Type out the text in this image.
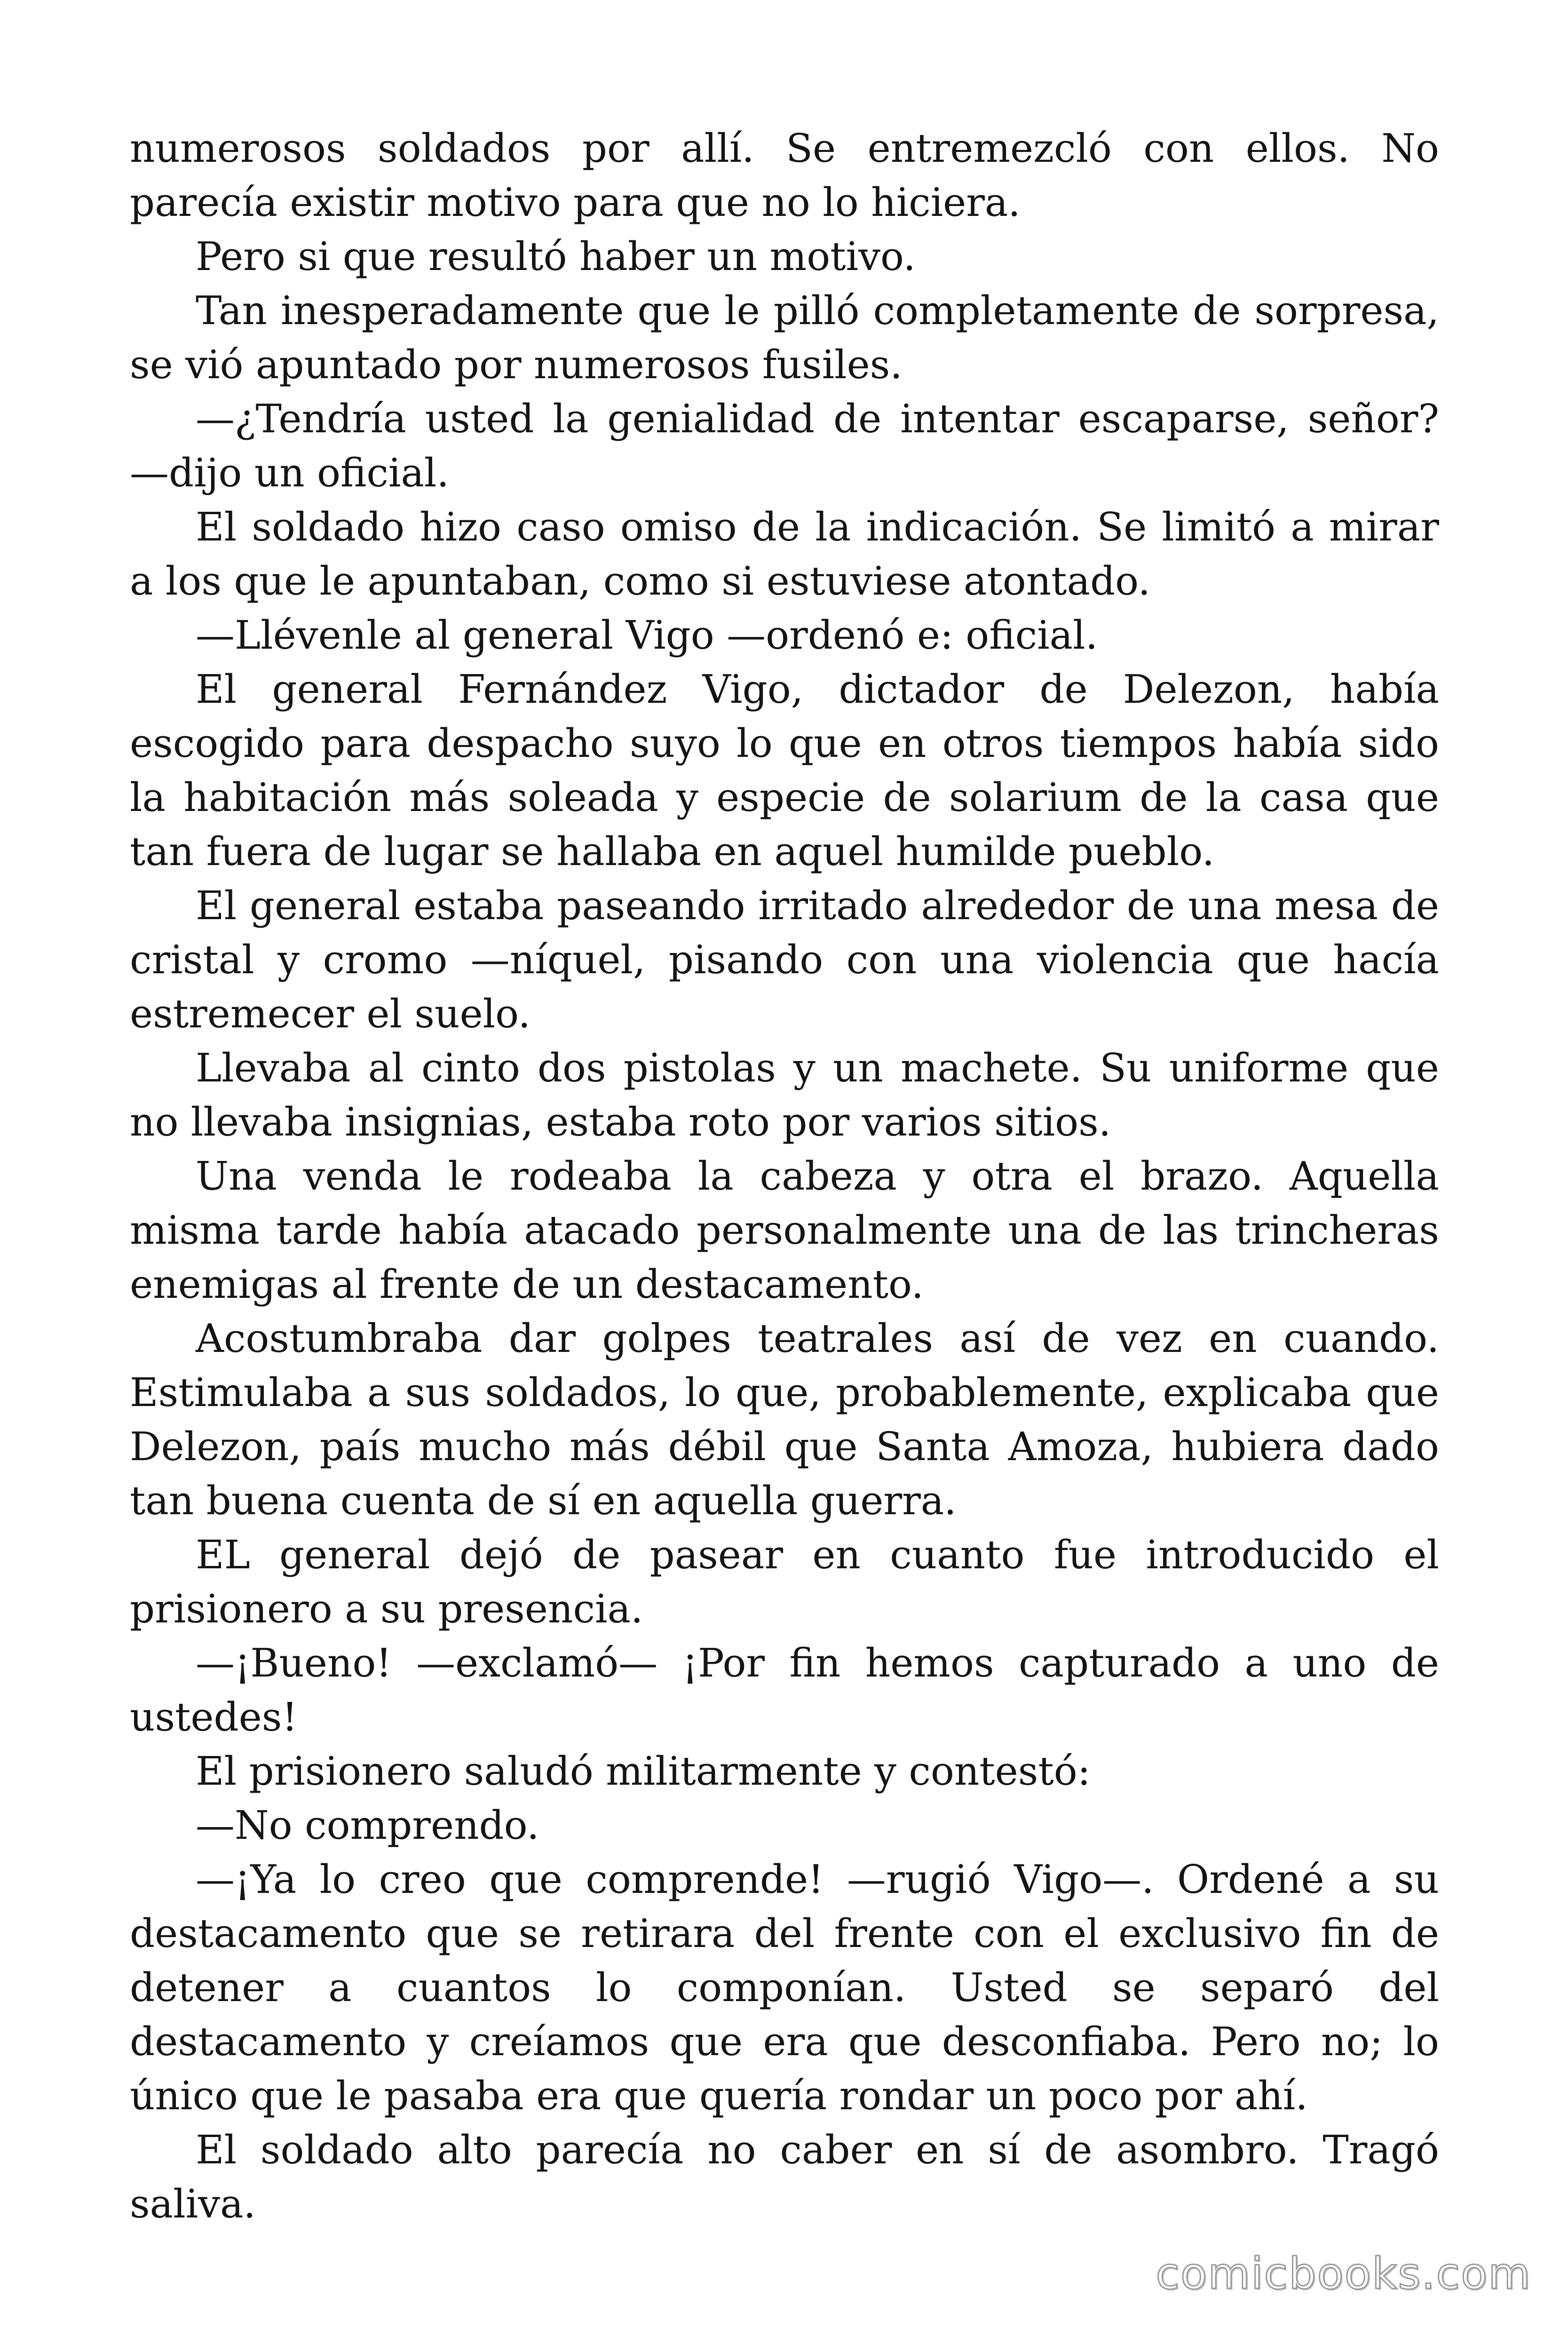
numerosos soldados por allí. Se entremezcló con ellos. No parecía existir motivo para que no lo hiciera.

Pero si que resultó haber un motivo.

Tan inesperadamente que le pilló completamente de sorpresa, se vió apuntado por numerosos fusiles.

—¿Tendría usted la genialidad de intentar escaparse, señor? —dijo un oficial.

El soldado hizo caso omiso de la indicación. Se limitó a mirar a los que le apuntaban, como si estuviese atontado.

—Llévenle al general Vigo —ordenó e: oficial.

El general Fernández Vigo, dictador de Delezon, había escogido para despacho suyo lo que en otros tiempos había sido la habitación más soleada y especie de solarium de la casa que tan fuera de lugar se hallaba en aquel humilde pueblo.

El general estaba paseando irritado alrededor de una mesa de cristal y cromo —níquel, pisando con una violencia que hacía estremecer el suelo.

Llevaba al cinto dos pistolas y un machete. Su uniforme que no llevaba insignias, estaba roto por varios sitios.

Una venda le rodeaba la cabeza y otra el brazo. Aquella misma tarde había atacado personalmente una de las trincheras enemigas al frente de un destacamento.

Acostumbraba dar golpes teatrales así de vez en cuando. Estimulaba a sus soldados, lo que, probablemente, explicaba que Delezon, país mucho más débil que Santa Amoza, hubiera dado tan buena cuenta de sí en aquella guerra.

EL general dejó de pasear en cuanto fue introducido el prisionero a su presencia.

—¡Bueno! —exclamó— ¡Por fin hemos capturado a uno de ustedes!

El prisionero saludó militarmente y contestó:

—No comprendo.

—¡Ya lo creo que comprende! —rugió Vigo—. Ordené a su destacamento que se retirara del frente con el exclusivo fin de detener a cuantos lo componían. Usted se separó del destacamento y creíamos que era que desconfiaba. Pero no; lo único que le pasaba era que quería rondar un poco por ahí.

El soldado alto parecía no caber en sí de asombro. Tragó saliva.

comicbooks.com
